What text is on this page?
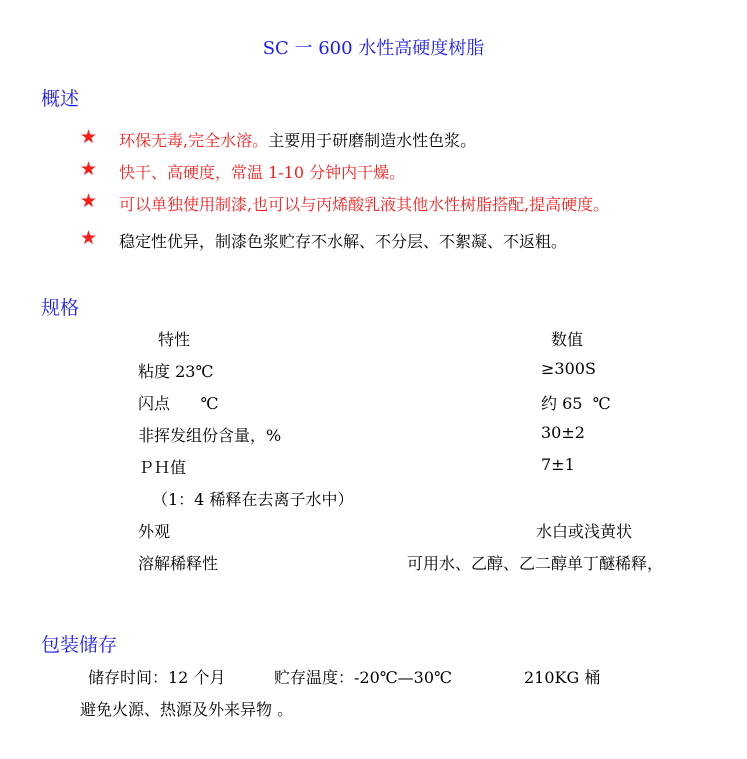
SC 一 600 水性高硬度树脂
概述
★ 环保无毒,完全水溶。主要用于研磨制造水性色浆。
★ 快干、高硬度，常温 1-10 分钟内干燥。
★ 可以单独使用制漆,也可以与丙烯酸乳液其他水性树脂搭配,提高硬度。
★ 稳定性优异，制漆色浆贮存不水解、不分层、不絮凝、不返粗。
规格
特性	数值
粘度 23℃	≥300S
闪点      ℃	约 65  ℃
非挥发组份含量，%	30±2
ＰＨ值	7±1
（1：4 稀释在去离子水中）
外观	水白或浅黄状
溶解稀释性	可用水、乙醇、乙二醇单丁醚稀释，
包装储存
储存时间：12 个月	贮存温度：-20℃—30℃	210KG 桶
避免火源、热源及外来异物 。
